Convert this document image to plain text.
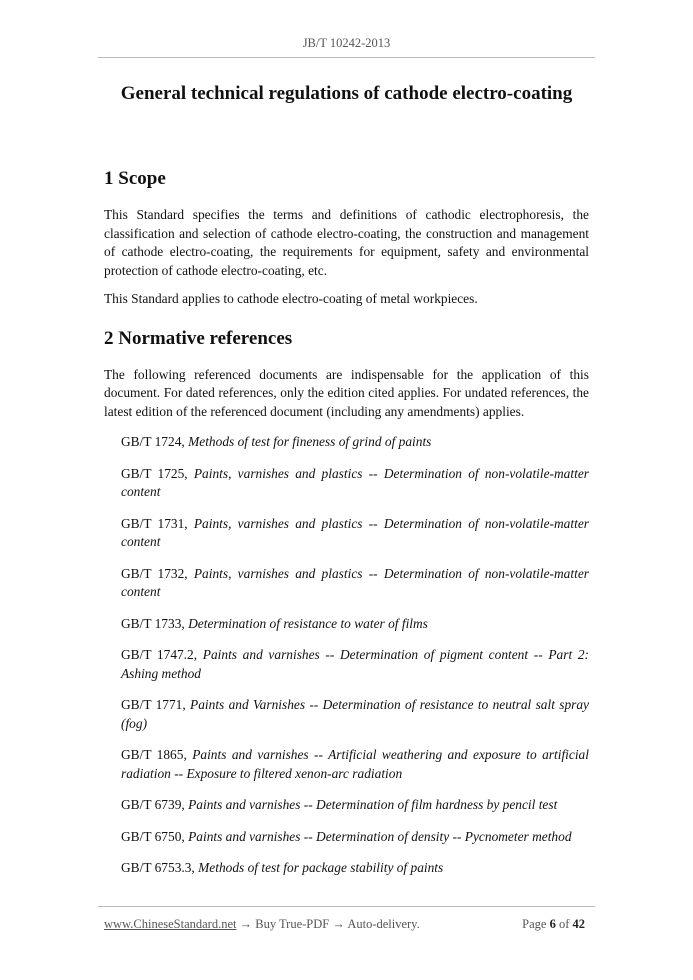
JB/T 10242-2013
General technical regulations of cathode electro-coating
1 Scope

This Standard specifies the terms and definitions of cathodic electrophoresis, the classification and selection of cathode electro-coating, the construction and management of cathode electro-coating, the requirements for equipment, safety and environmental protection of cathode electro-coating, etc.

This Standard applies to cathode electro-coating of metal workpieces.

2 Normative references

The following referenced documents are indispensable for the application of this document. For dated references, only the edition cited applies. For undated references, the latest edition of the referenced document (including any amendments) applies.

GB/T 1724, Methods of test for fineness of grind of paints

GB/T 1725, Paints, varnishes and plastics -- Determination of non-volatile-matter content

GB/T 1731, Paints, varnishes and plastics -- Determination of non-volatile-matter content

GB/T 1732, Paints, varnishes and plastics -- Determination of non-volatile-matter content

GB/T 1733, Determination of resistance to water of films

GB/T 1747.2, Paints and varnishes -- Determination of pigment content -- Part 2: Ashing method

GB/T 1771, Paints and Varnishes -- Determination of resistance to neutral salt spray (fog)

GB/T 1865, Paints and varnishes -- Artificial weathering and exposure to artificial radiation -- Exposure to filtered xenon-arc radiation

GB/T 6739, Paints and varnishes -- Determination of film hardness by pencil test

GB/T 6750, Paints and varnishes -- Determination of density -- Pycnometer method

GB/T 6753.3, Methods of test for package stability of paints

www.ChineseStandard.net → Buy True-PDF → Auto-delivery.	Page 6 of 42
